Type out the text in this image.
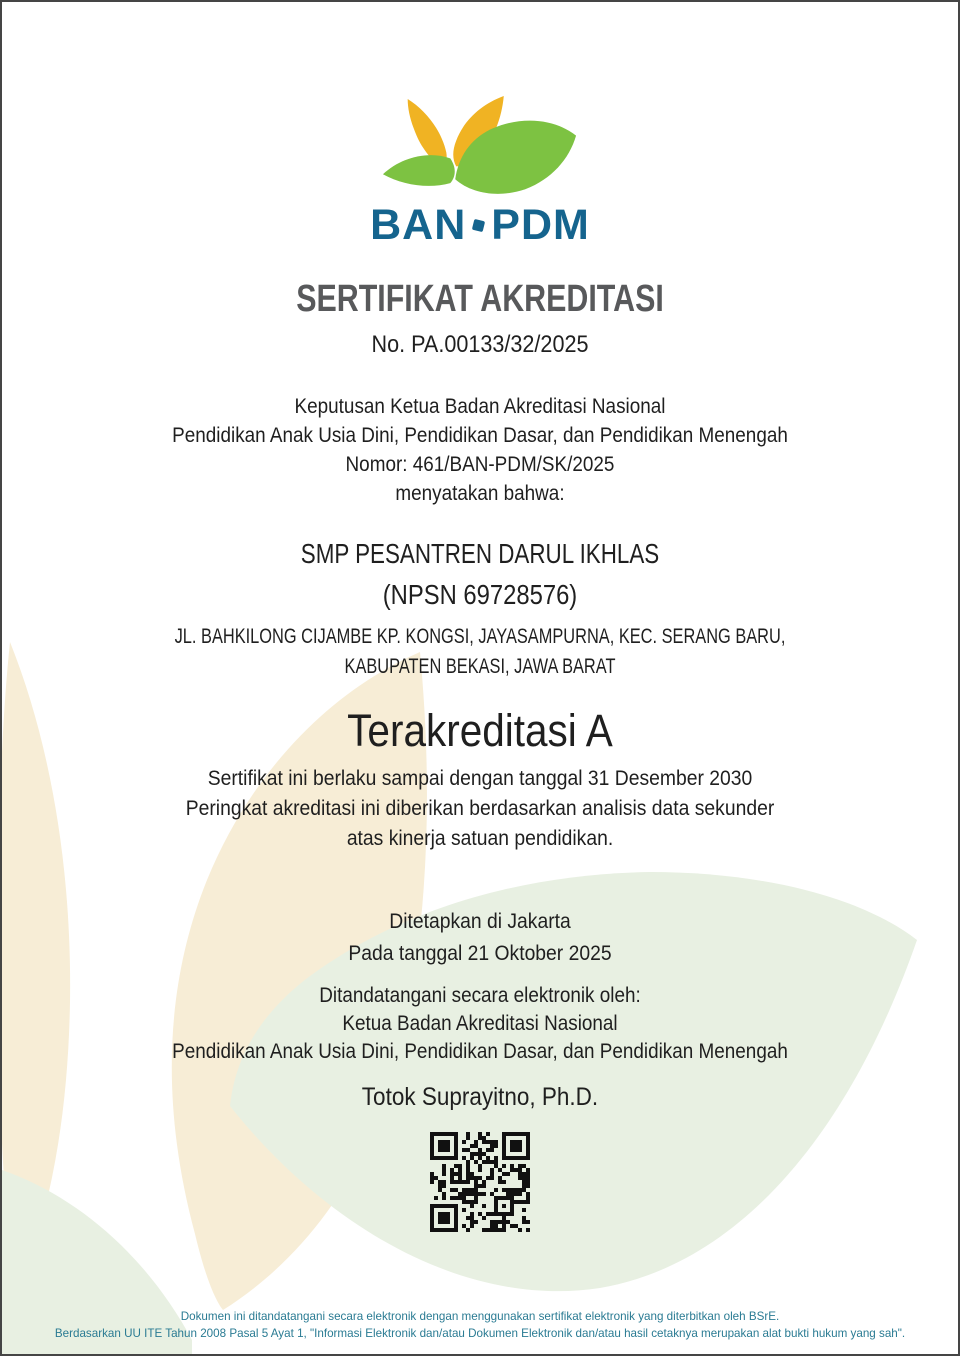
BAN PDM
SERTIFIKAT AKREDITASI
No. PA.00133/32/2025
Keputusan Ketua Badan Akreditasi Nasional
Pendidikan Anak Usia Dini, Pendidikan Dasar, dan Pendidikan Menengah
Nomor: 461/BAN-PDM/SK/2025
menyatakan bahwa:
SMP PESANTREN DARUL IKHLAS
(NPSN 69728576)
JL. BAHKILONG CIJAMBE KP. KONGSI, JAYASAMPURNA, KEC. SERANG BARU,
KABUPATEN BEKASI, JAWA BARAT
Terakreditasi A
Sertifikat ini berlaku sampai dengan tanggal 31 Desember 2030
Peringkat akreditasi ini diberikan berdasarkan analisis data sekunder
atas kinerja satuan pendidikan.
Ditetapkan di Jakarta
Pada tanggal 21 Oktober 2025
Ditandatangani secara elektronik oleh:
Ketua Badan Akreditasi Nasional
Pendidikan Anak Usia Dini, Pendidikan Dasar, dan Pendidikan Menengah
Totok Suprayitno, Ph.D.
Dokumen ini ditandatangani secara elektronik dengan menggunakan sertifikat elektronik yang diterbitkan oleh BSrE.
Berdasarkan UU ITE Tahun 2008 Pasal 5 Ayat 1, "Informasi Elektronik dan/atau Dokumen Elektronik dan/atau hasil cetaknya merupakan alat bukti hukum yang sah".
